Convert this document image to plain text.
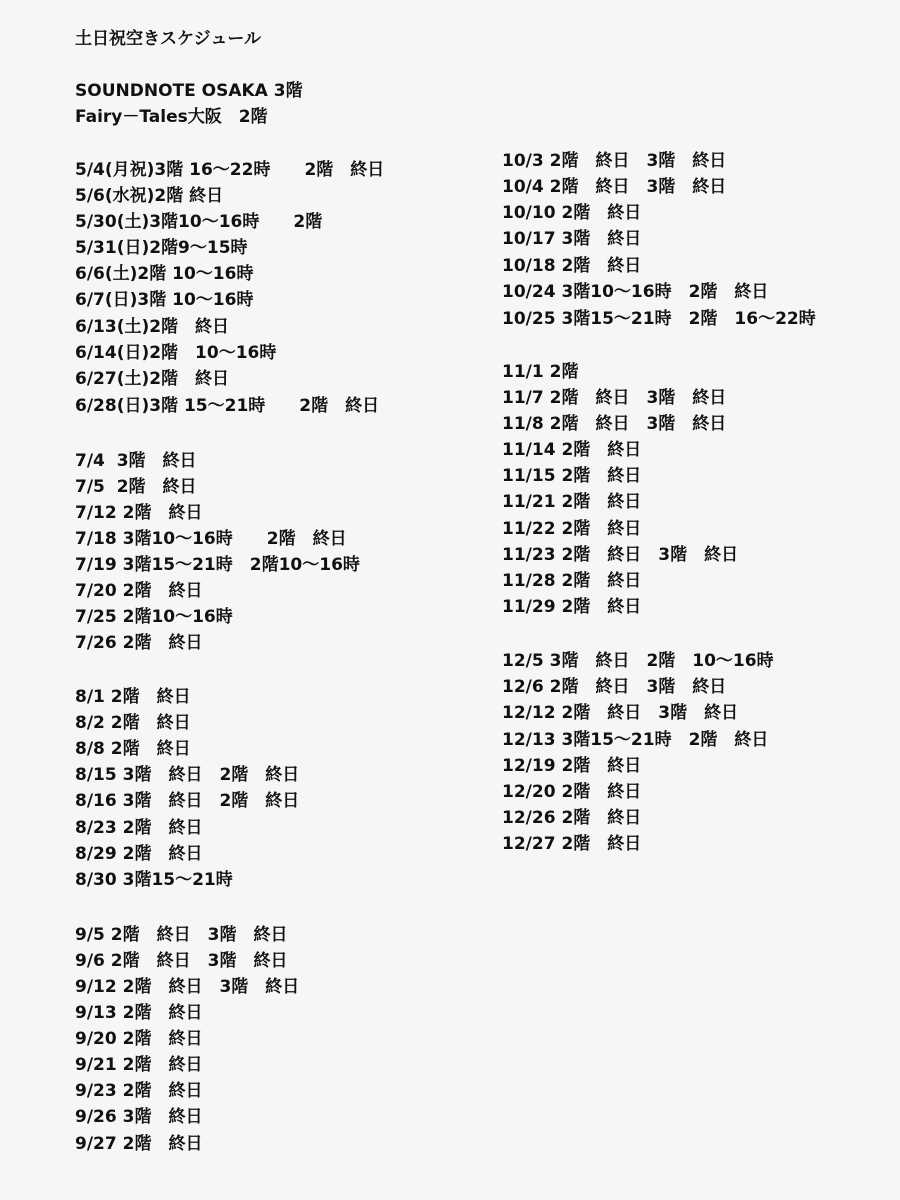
土日祝空きスケジュール
SOUNDNOTE OSAKA 3階
Fairy－Tales大阪　2階
5/4(月祝)3階 16～22時　　2階　終日
5/6(水祝)2階 終日
5/30(土)3階10～16時　　2階
5/31(日)2階9～15時
6/6(土)2階 10～16時
6/7(日)3階 10～16時
6/13(土)2階　終日
6/14(日)2階　10～16時
6/27(土)2階　終日
6/28(日)3階 15～21時　　2階　終日
7/4  3階　終日
7/5  2階　終日
7/12 2階　終日
7/18 3階10～16時　　2階　終日
7/19 3階15～21時　2階10～16時
7/20 2階　終日
7/25 2階10～16時
7/26 2階　終日
8/1 2階　終日
8/2 2階　終日
8/8 2階　終日
8/15 3階　終日　2階　終日
8/16 3階　終日　2階　終日
8/23 2階　終日
8/29 2階　終日
8/30 3階15～21時
9/5 2階　終日　3階　終日
9/6 2階　終日　3階　終日
9/12 2階　終日　3階　終日
9/13 2階　終日
9/20 2階　終日
9/21 2階　終日
9/23 2階　終日
9/26 3階　終日
9/27 2階　終日
10/3 2階　終日　3階　終日
10/4 2階　終日　3階　終日
10/10 2階　終日
10/17 3階　終日
10/18 2階　終日
10/24 3階10～16時　2階　終日
10/25 3階15～21時　2階　16～22時
11/1 2階
11/7 2階　終日　3階　終日
11/8 2階　終日　3階　終日
11/14 2階　終日
11/15 2階　終日
11/21 2階　終日
11/22 2階　終日
11/23 2階　終日　3階　終日
11/28 2階　終日
11/29 2階　終日
12/5 3階　終日　2階　10～16時
12/6 2階　終日　3階　終日
12/12 2階　終日　3階　終日
12/13 3階15～21時　2階　終日
12/19 2階　終日
12/20 2階　終日
12/26 2階　終日
12/27 2階　終日
